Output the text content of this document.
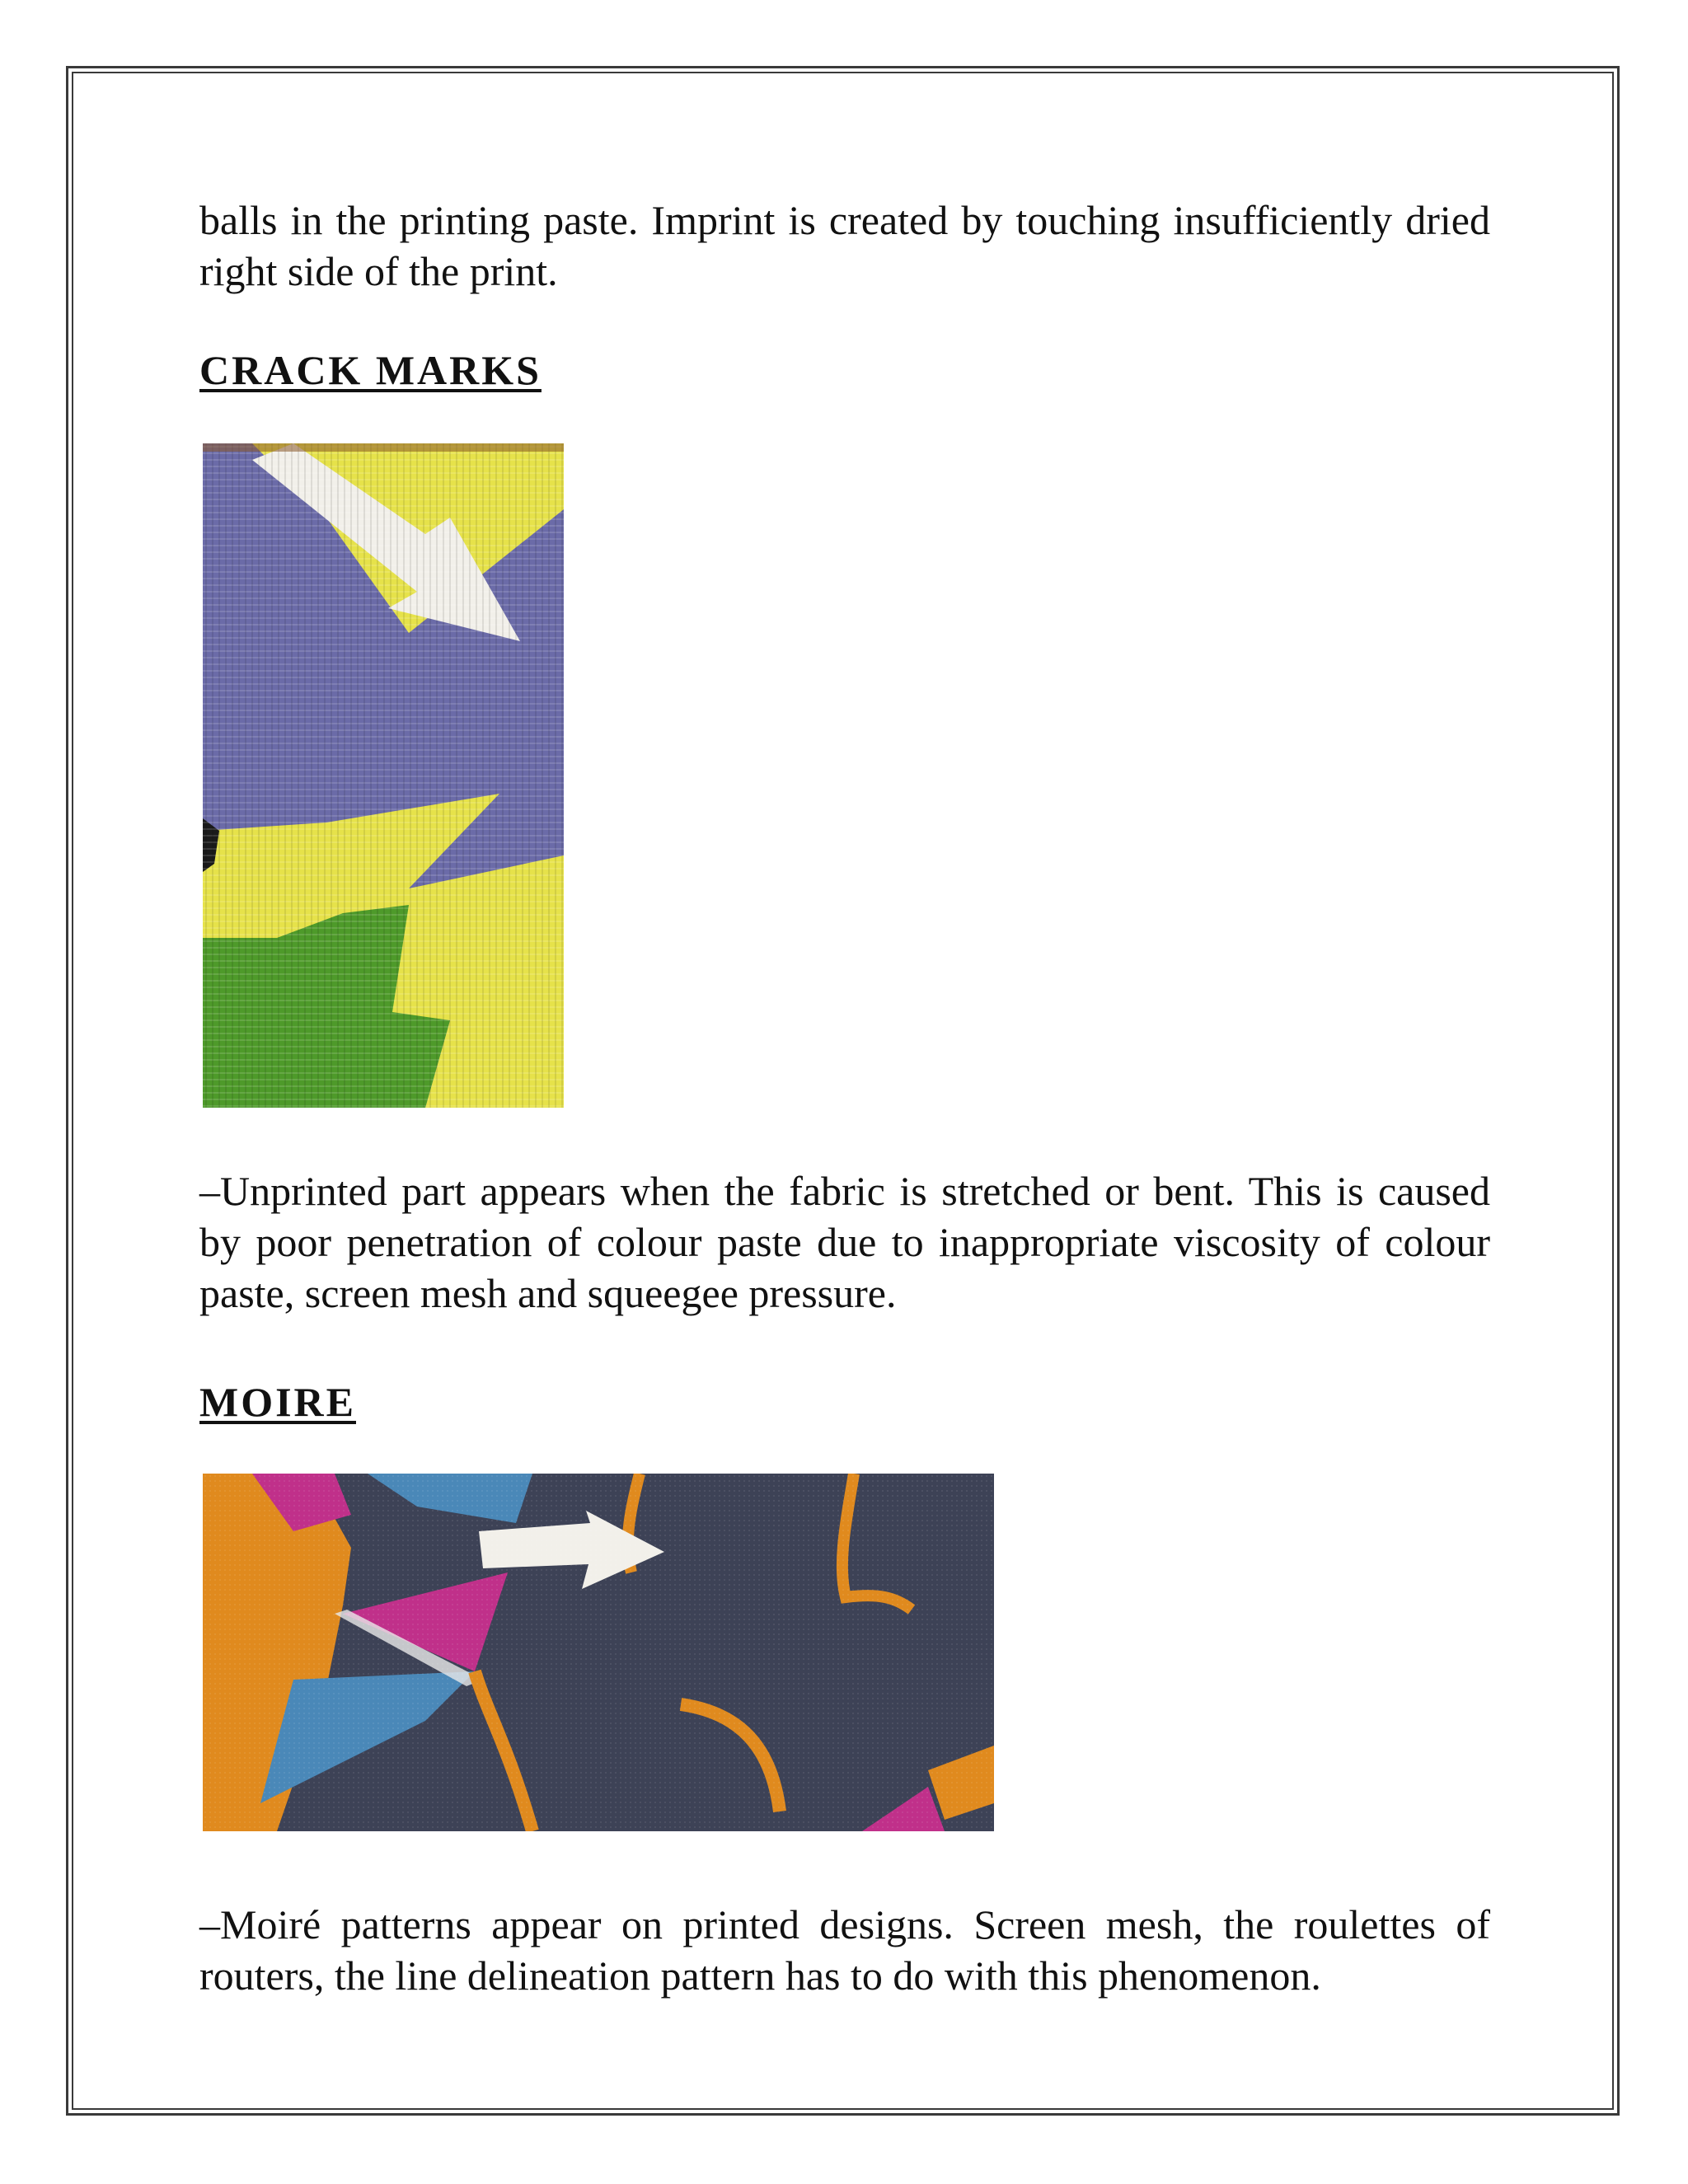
balls in the printing paste. Imprint is created by touching insufficiently dried right side of the print.

CRACK MARKS

–Unprinted part appears when the fabric is stretched or bent. This is caused by poor penetration of colour paste due to inappropriate viscosity of colour paste, screen mesh and squeegee pressure.

MOIRE

–Moiré patterns appear on printed designs. Screen mesh, the roulettes of routers, the line delineation pattern has to do with this phenomenon.
